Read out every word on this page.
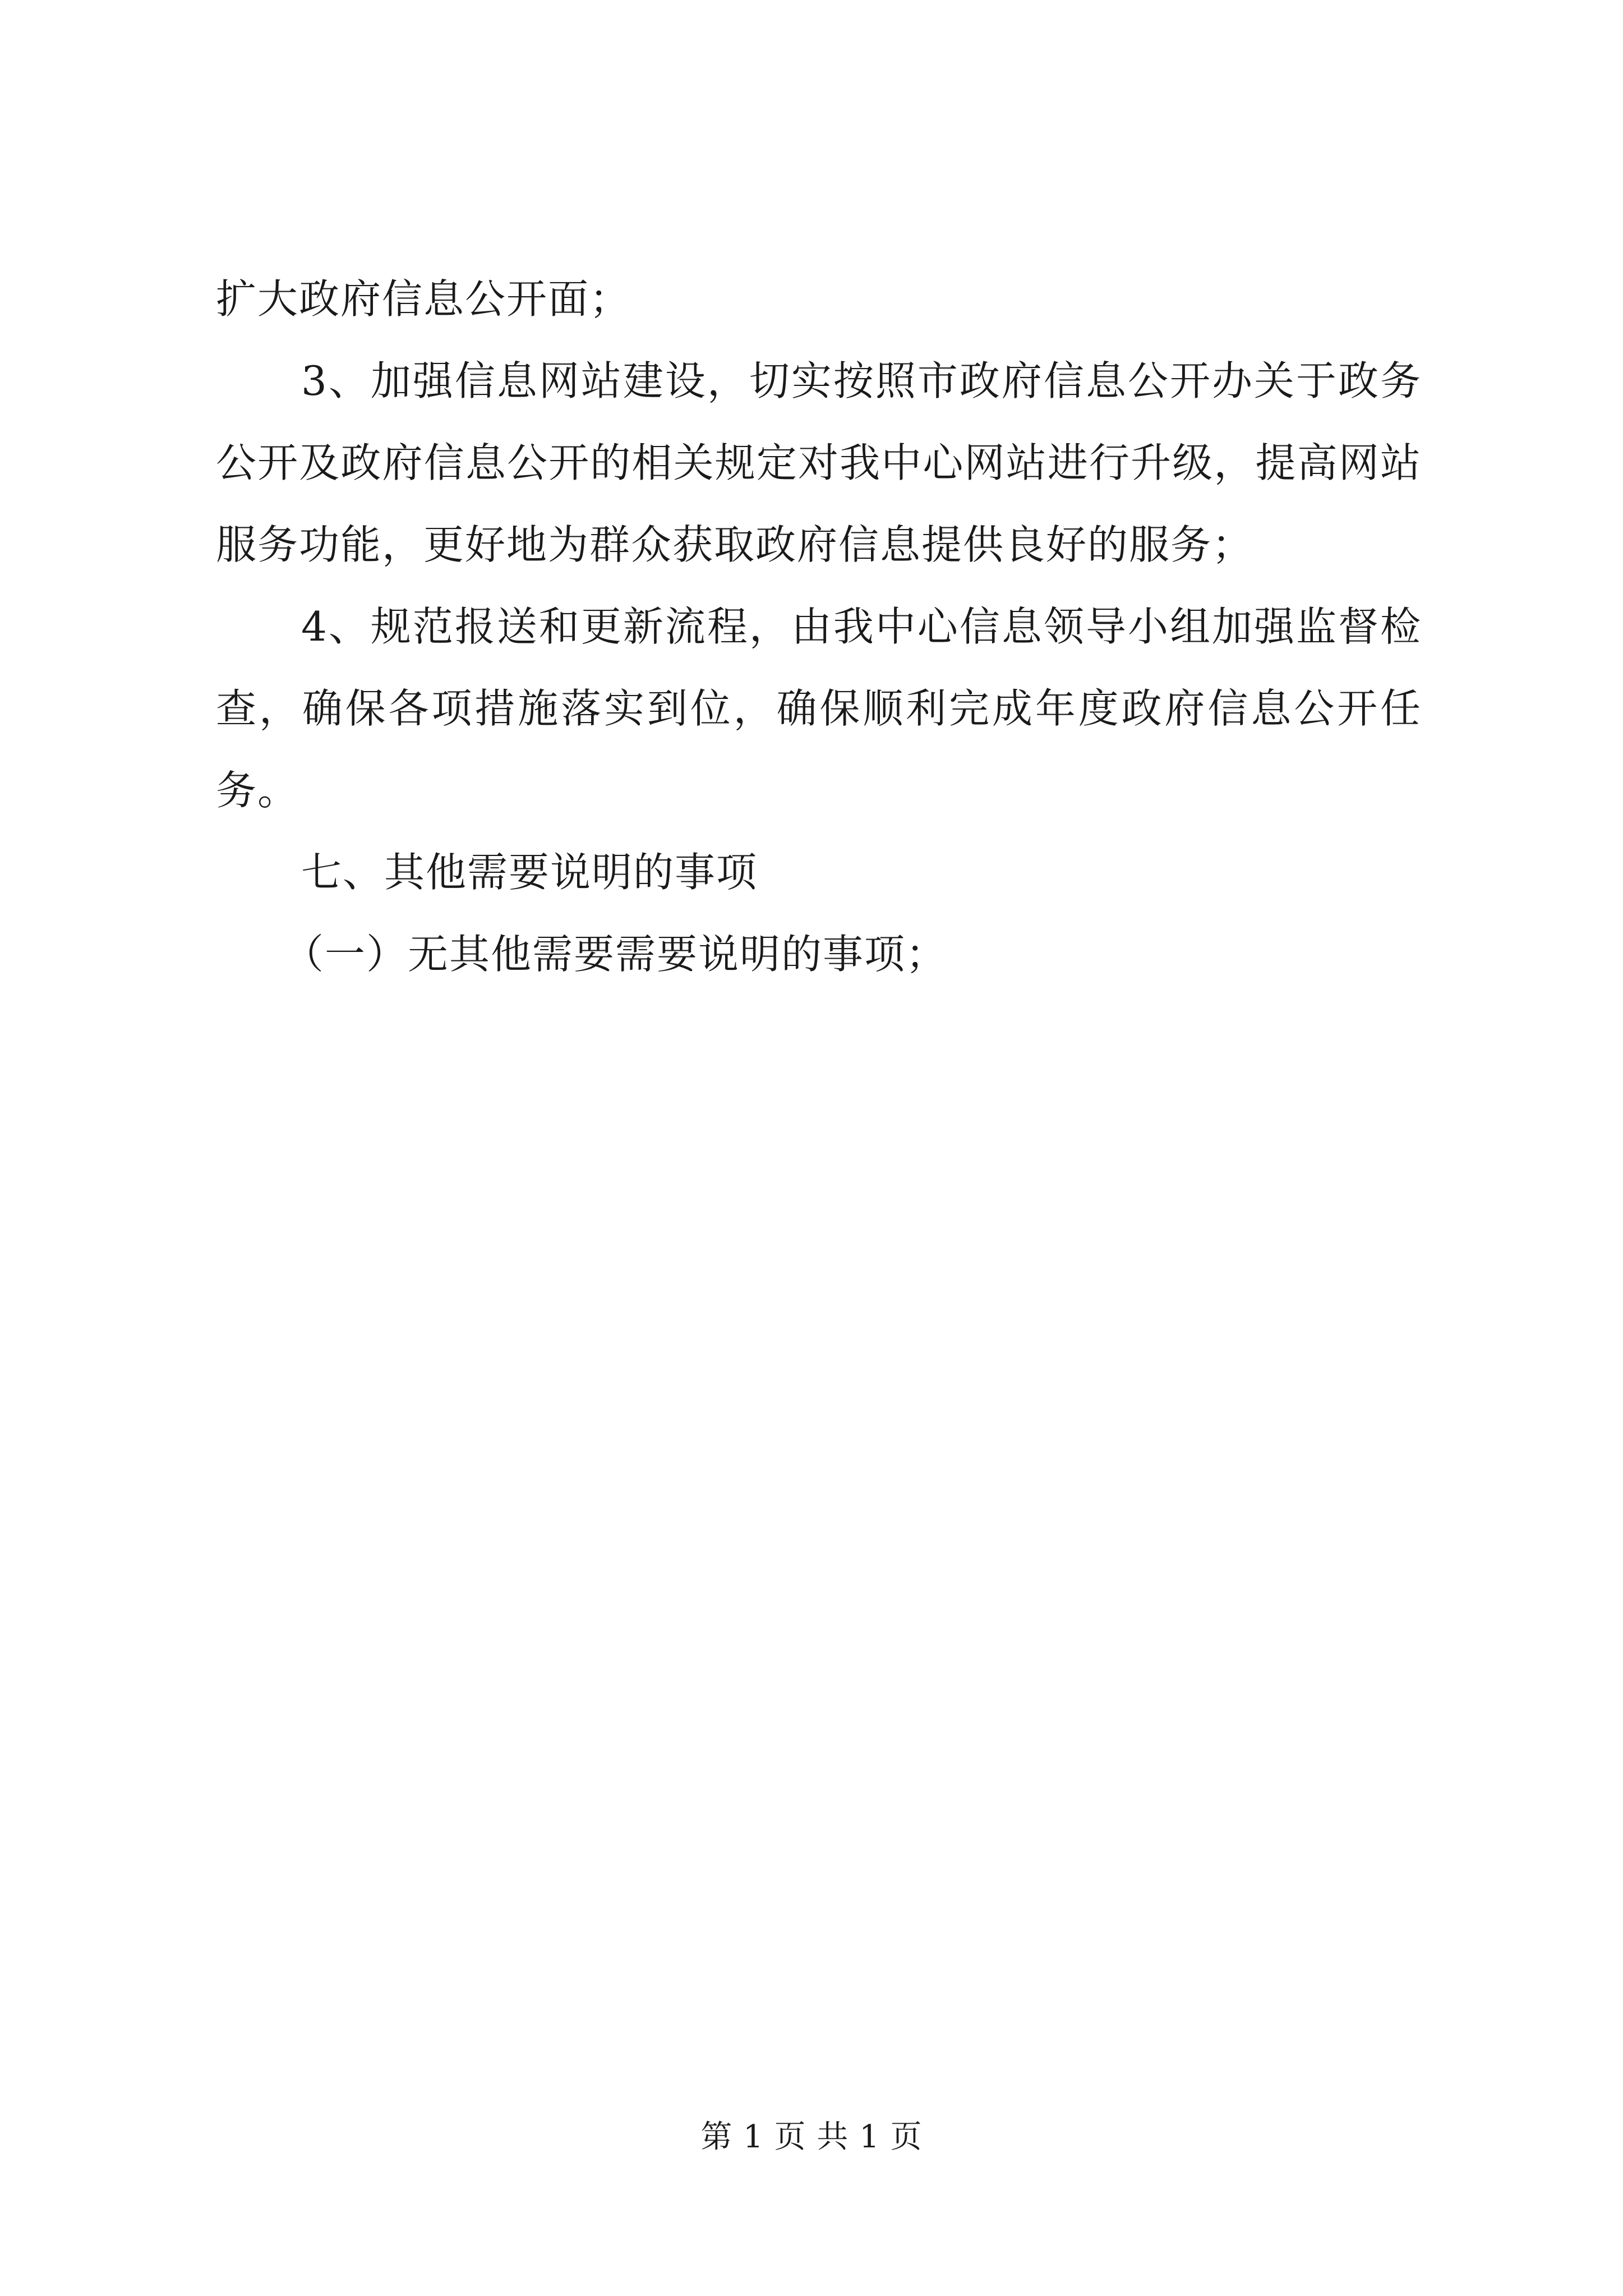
扩大政府信息公开面；

3、加强信息网站建设，切实按照市政府信息公开办关于政务公开及政府信息公开的相关规定对我中心网站进行升级，提高网站服务功能，更好地为群众获取政府信息提供良好的服务；

4、规范报送和更新流程，由我中心信息领导小组加强监督检查，确保各项措施落实到位，确保顺利完成年度政府信息公开任务。

七、其他需要说明的事项

（一）无其他需要需要说明的事项；

第 1 页 共 1 页
